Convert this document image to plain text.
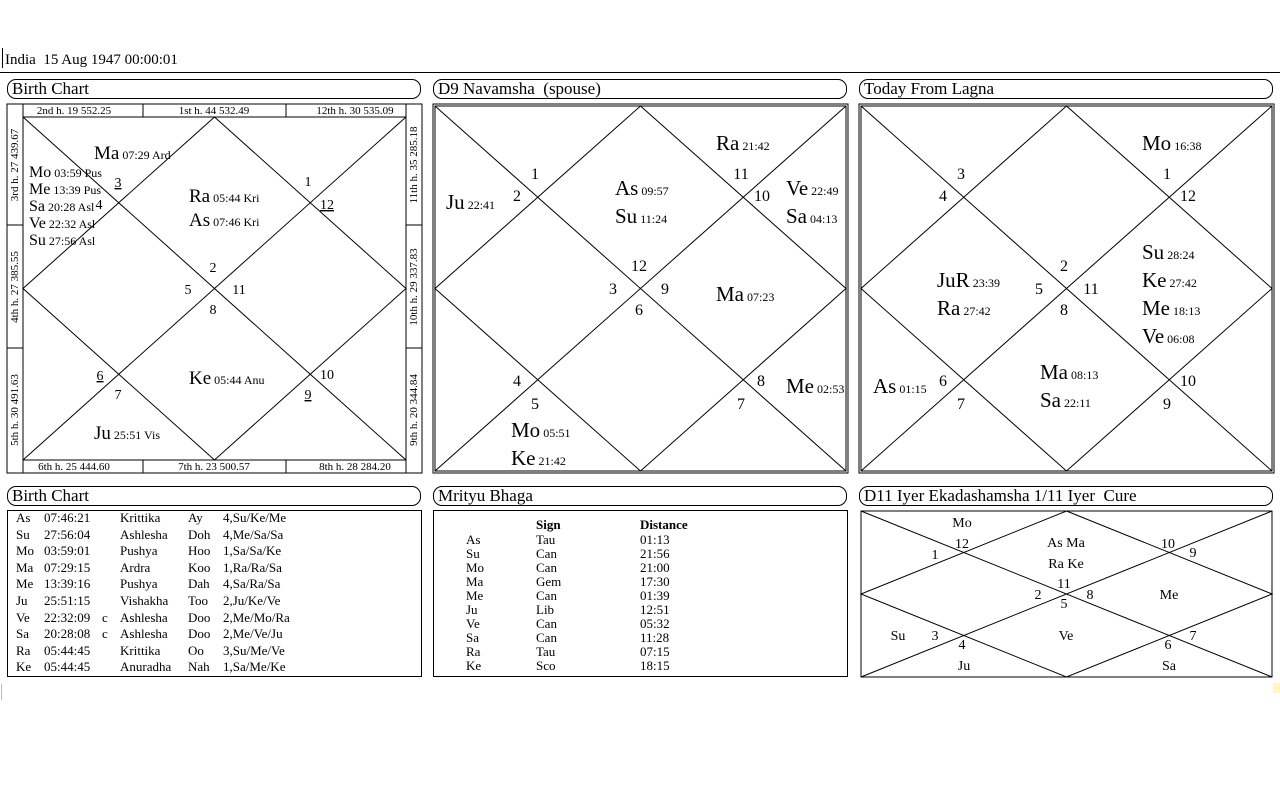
India  15 Aug 1947 00:00:01
Birth Chart	D9 Navamsha  (spouse)	Today From Lagna
Birth Chart	Mrityu Bhaga	D11 Iyer Ekadashamsha 1/11 Iyer  Cure
2nd h. 19 552.25	1st h. 44 532.49	12th h. 30 535.09
6th h. 25 444.60	7th h. 23 500.57	8th h. 28 284.20
3rd h. 27 439.67
4th h. 27 385.55
5th h. 30 491.63
11th h. 35 285.18
10th h. 29 337.83
9th h. 20 344.84
1
12
3
4
2
5	11
8
6
7
10
9
Ma 07:29 Ard
Mo 03:59 Pus
Me 13:39 Pus
Sa 20:28 Asl
Ve 22:32 Asl
Su 27:56 Asl
Ra 05:44 Kri
As 07:46 Kri
Ke 05:44 Anu
Ju 25:51 Vis
1
2
11
10
12
3	9
6
4
5
8
7
Ju 22:41
As 09:57
Su 11:24
Ra 21:42
Ve 22:49
Sa 04:13
Ma 07:23
Me 02:53
Mo 05:51
Ke 21:42
3
4
1
12
2
5	11
8
6
7
10
9
Mo 16:38
JuR 23:39
Ra 27:42
Su 28:24
Ke 27:42
Me 18:13
Ve 06:08
As 01:15
Ma 08:13
Sa 22:11
Mo
12
1
As Ma
Ra Ke
11
10
9
2	8
5
Me
Su 3
4
Ve
6
7
Ju	Sa
As 07:46:21 Krittika Ay 4,Su/Ke/Me
Su 27:56:04 Ashlesha Doh 4,Me/Sa/Sa
Mo 03:59:01 Pushya Hoo 1,Sa/Sa/Ke
Ma 07:29:15 Ardra	Koo 1,Ra/Ra/Sa
Me 13:39:16 Pushya Dah 4,Sa/Ra/Sa
Ju 25:51:15 Vishakha Too 2,Ju/Ke/Ve
Ve 22:32:09 c Ashlesha Doo 2,Me/Mo/Ra
Sa 20:28:08 c Ashlesha Doo 2,Me/Ve/Ju
Ra 05:44:45 Krittika Oo 3,Su/Me/Ve
Ke 05:44:45 Anuradha Nah 1,Sa/Me/Ke
Sign	Distance
As	Tau	01:13
Su	Can	21:56
Mo	Can	21:00
Ma	Gem	17:30
Me	Can	01:39
Ju	Lib	12:51
Ve	Can	05:32
Sa	Can	11:28
Ra	Tau	07:15
Ke	Sco	18:15
